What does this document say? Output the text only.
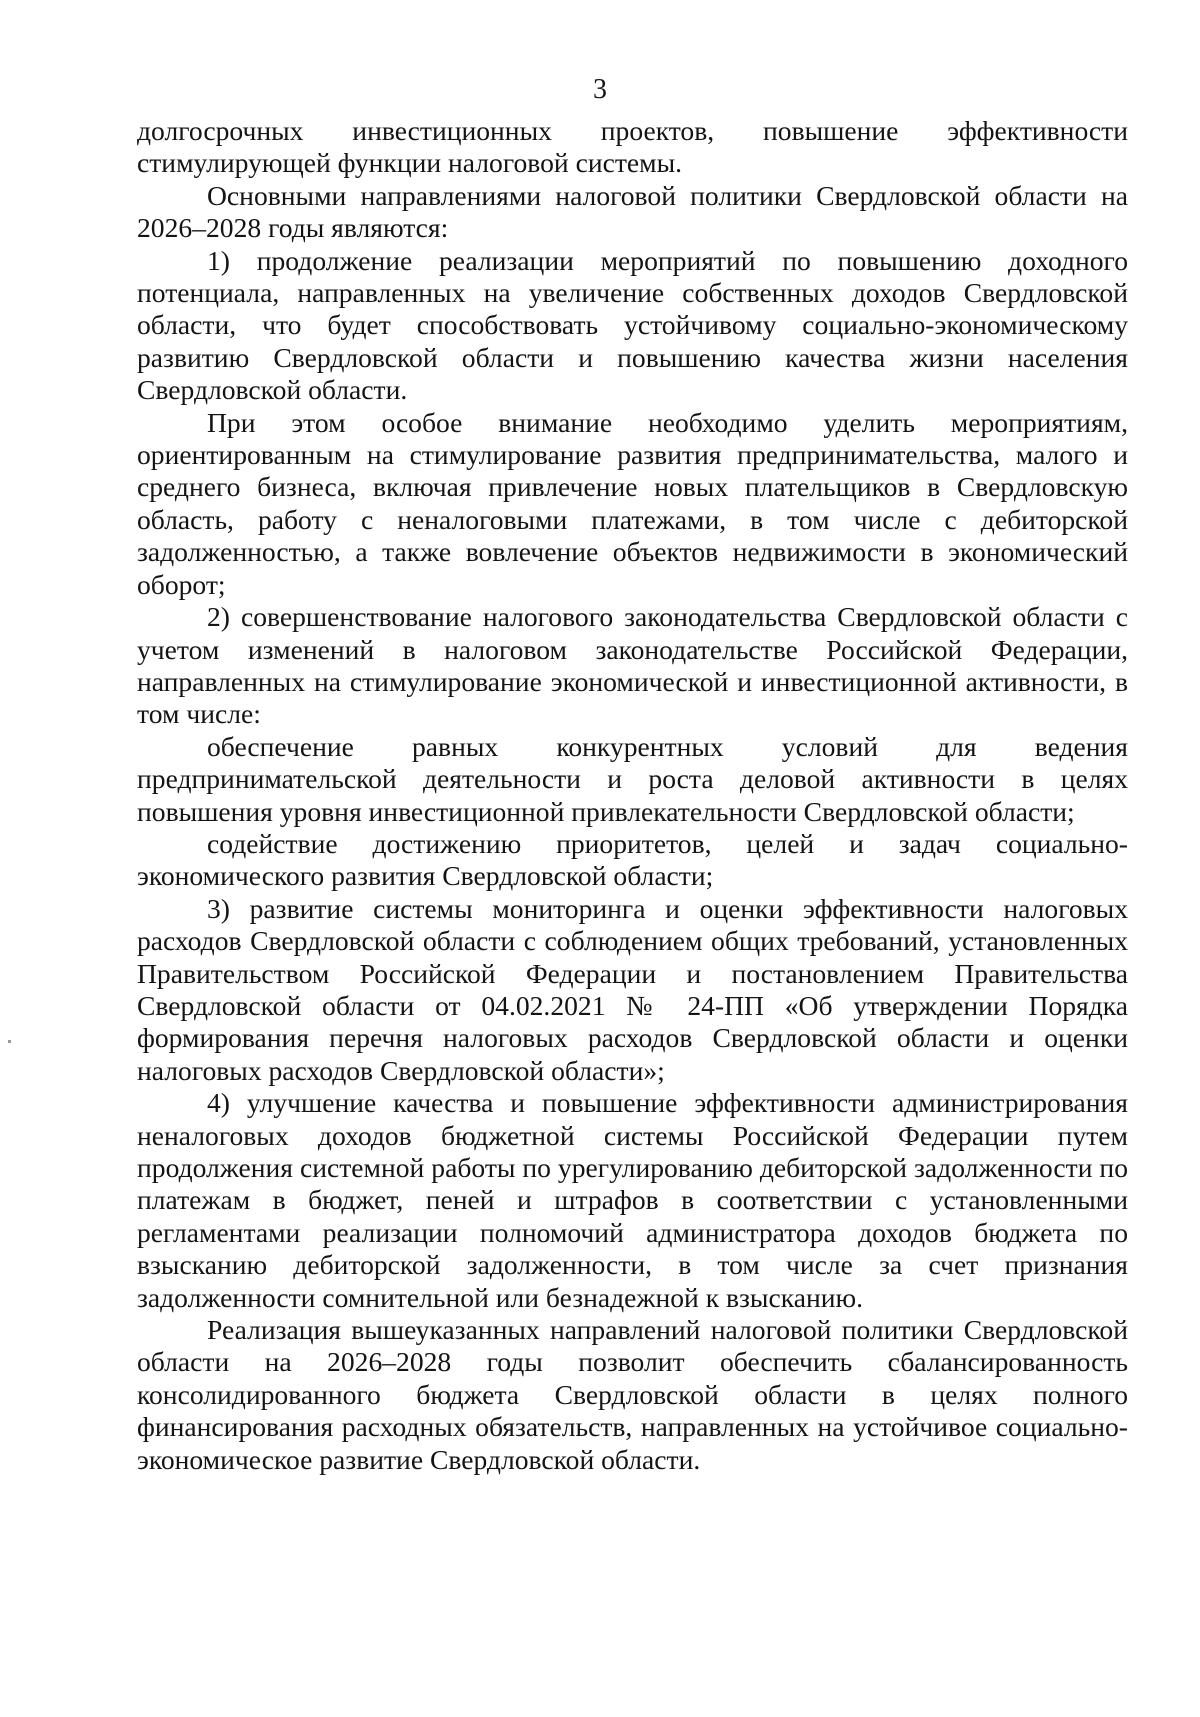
3

долгосрочных инвестиционных проектов, повышение эффективности стимулирующей функции налоговой системы.

Основными направлениями налоговой политики Свердловской области на 2026–2028 годы являются:

1) продолжение реализации мероприятий по повышению доходного потенциала, направленных на увеличение собственных доходов Свердловской области, что будет способствовать устойчивому социально-экономическому развитию Свердловской области и повышению качества жизни населения Свердловской области.

При этом особое внимание необходимо уделить мероприятиям, ориентированным на стимулирование развития предпринимательства, малого и среднего бизнеса, включая привлечение новых плательщиков в Свердловскую область, работу с неналоговыми платежами, в том числе с дебиторской задолженностью, а также вовлечение объектов недвижимости в экономический оборот;

2) совершенствование налогового законодательства Свердловской области с учетом изменений в налоговом законодательстве Российской Федерации, направленных на стимулирование экономической и инвестиционной активности, в том числе:

обеспечение равных конкурентных условий для ведения предпринимательской деятельности и роста деловой активности в целях повышения уровня инвестиционной привлекательности Свердловской области;

содействие достижению приоритетов, целей и задач социально-экономического развития Свердловской области;

3) развитие системы мониторинга и оценки эффективности налоговых расходов Свердловской области с соблюдением общих требований, установленных Правительством Российской Федерации и постановлением Правительства Свердловской области от 04.02.2021 № 24-ПП «Об утверждении Порядка формирования перечня налоговых расходов Свердловской области и оценки налоговых расходов Свердловской области»;

4) улучшение качества и повышение эффективности администрирования неналоговых доходов бюджетной системы Российской Федерации путем продолжения системной работы по урегулированию дебиторской задолженности по платежам в бюджет, пеней и штрафов в соответствии с установленными регламентами реализации полномочий администратора доходов бюджета по взысканию дебиторской задолженности, в том числе за счет признания задолженности сомнительной или безнадежной к взысканию.

Реализация вышеуказанных направлений налоговой политики Свердловской области на 2026–2028 годы позволит обеспечить сбалансированность консолидированного бюджета Свердловской области в целях полного финансирования расходных обязательств, направленных на устойчивое социально-экономическое развитие Свердловской области.
